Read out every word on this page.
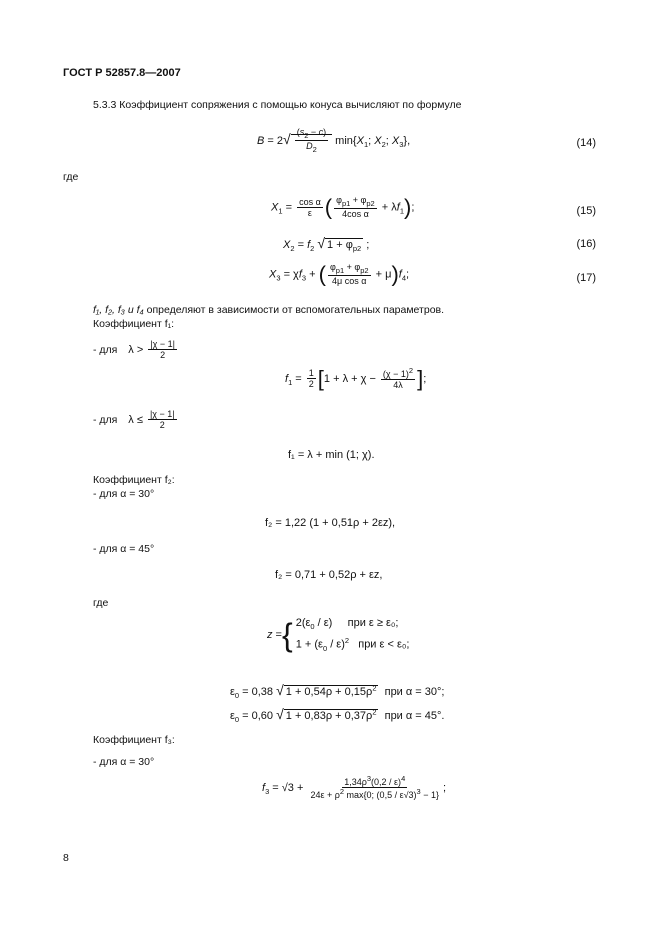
ГОСТ Р 52857.8—2007
5.3.3 Коэффициент сопряжения с помощью конуса вычисляют по формуле
$B = 2√ \frac{(s_2 - c)}{D_2} \min\{X_1$; $X_2$; $X_3$},	(14)
где
$X_1 = \frac{\text{cos α}}{\varepsilon}$ ( $\frac{\varphi_{p1} + \varphi_{p2}}{\text{4cos α}} + \lambda f_1$);	(15)
$X_2 = f_2$ √ $1 + \varphi_{p2}$ ;	(16)
$X_3 = \chi f_3$ + ( $\frac{\varphi_{p1} + \varphi_{p2}}{\text{4μ cos α}} + \mu)f_4$;	(17)
f₁, f₂, f₃ и f₄ определяют в зависимости от вспомогательных параметров.
Коэффициент f₁:
- для $\lambda > \frac{|\chi - 1|}{2}$
$f_1 = \frac{1}{2} [1 + \lambda + \chi - \frac{(\chi - 1)^2}{4\lambda}$ ];
- для $\lambda \le \frac{|\chi - 1|}{2}$
f₁ = λ + min (1; χ).
Коэффициент f₂:
- для α = 30°
f₂ = 1,22 (1 + 0,51ρ + 2εz),
- для α = 45°
f₂ = 0,71 + 0,52ρ + εz,
где
z ={ $2(\varepsilon_0 / \varepsilon)$     при ε ≥ ε₀;
$1 + (\varepsilon_0 / \varepsilon)^2$ при ε < ε₀;
$\varepsilon_0 = 0,38$ √ $1 + 0,54\rho + 0,15\rho^2$ при α = 30°;
$\varepsilon_0 = 0,60$ √ $1 + 0,83\rho + 0,37\rho^2$ при α = 45°.
Коэффициент f₃:
- для α = 30°
$f_3 = √3 + \frac{1,34\rho^3(0,2 / \varepsilon)^4}{24\varepsilon + \rho^2 \max\{0; (0,5 / \varepsilon√3)^3 - 1\}}$ ;
8
